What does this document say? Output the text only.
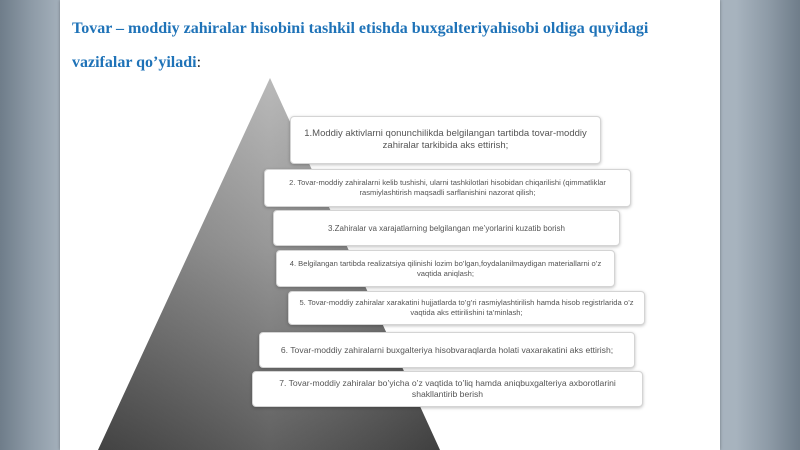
Tovar – moddiy zahiralar hisobini tashkil etishda buxgalteriyahisobi oldiga quyidagi vazifalar qo’yiladi:
1.Moddiy aktivlarni qonunchilikda belgilangan tartibda tovar-moddiy zahiralar tarkibida aks ettirish;
2. Tovar-moddiy zahiralarni kelib tushishi, ularni tashkilotlari hisobidan chiqarilishi (qimmatliklar rasmiylashtirish maqsadli sarflanishini nazorat qilish;
3.Zahiralar va xarajatlarning belgilangan me’yorlarini kuzatib borish
4. Belgilangan tartibda realizatsiya qilinishi lozim bo’lgan,foydalanilmaydigan materiallarni o’z vaqtida aniqlash;
5. Tovar-moddiy zahiralar xarakatini hujjatlarda to’g’ri rasmiylashtirilish hamda hisob registrlarida o’z vaqtida aks ettirilishini ta’minlash;
6. Tovar-moddiy zahiralarni buxgalteriya hisobvaraqlarda holati vaxarakatini aks ettirish;
7. Tovar-moddiy zahiralar bo’yicha o’z vaqtida to’liq hamda aniqbuxgalteriya axborotlarini shakllantirib berish
